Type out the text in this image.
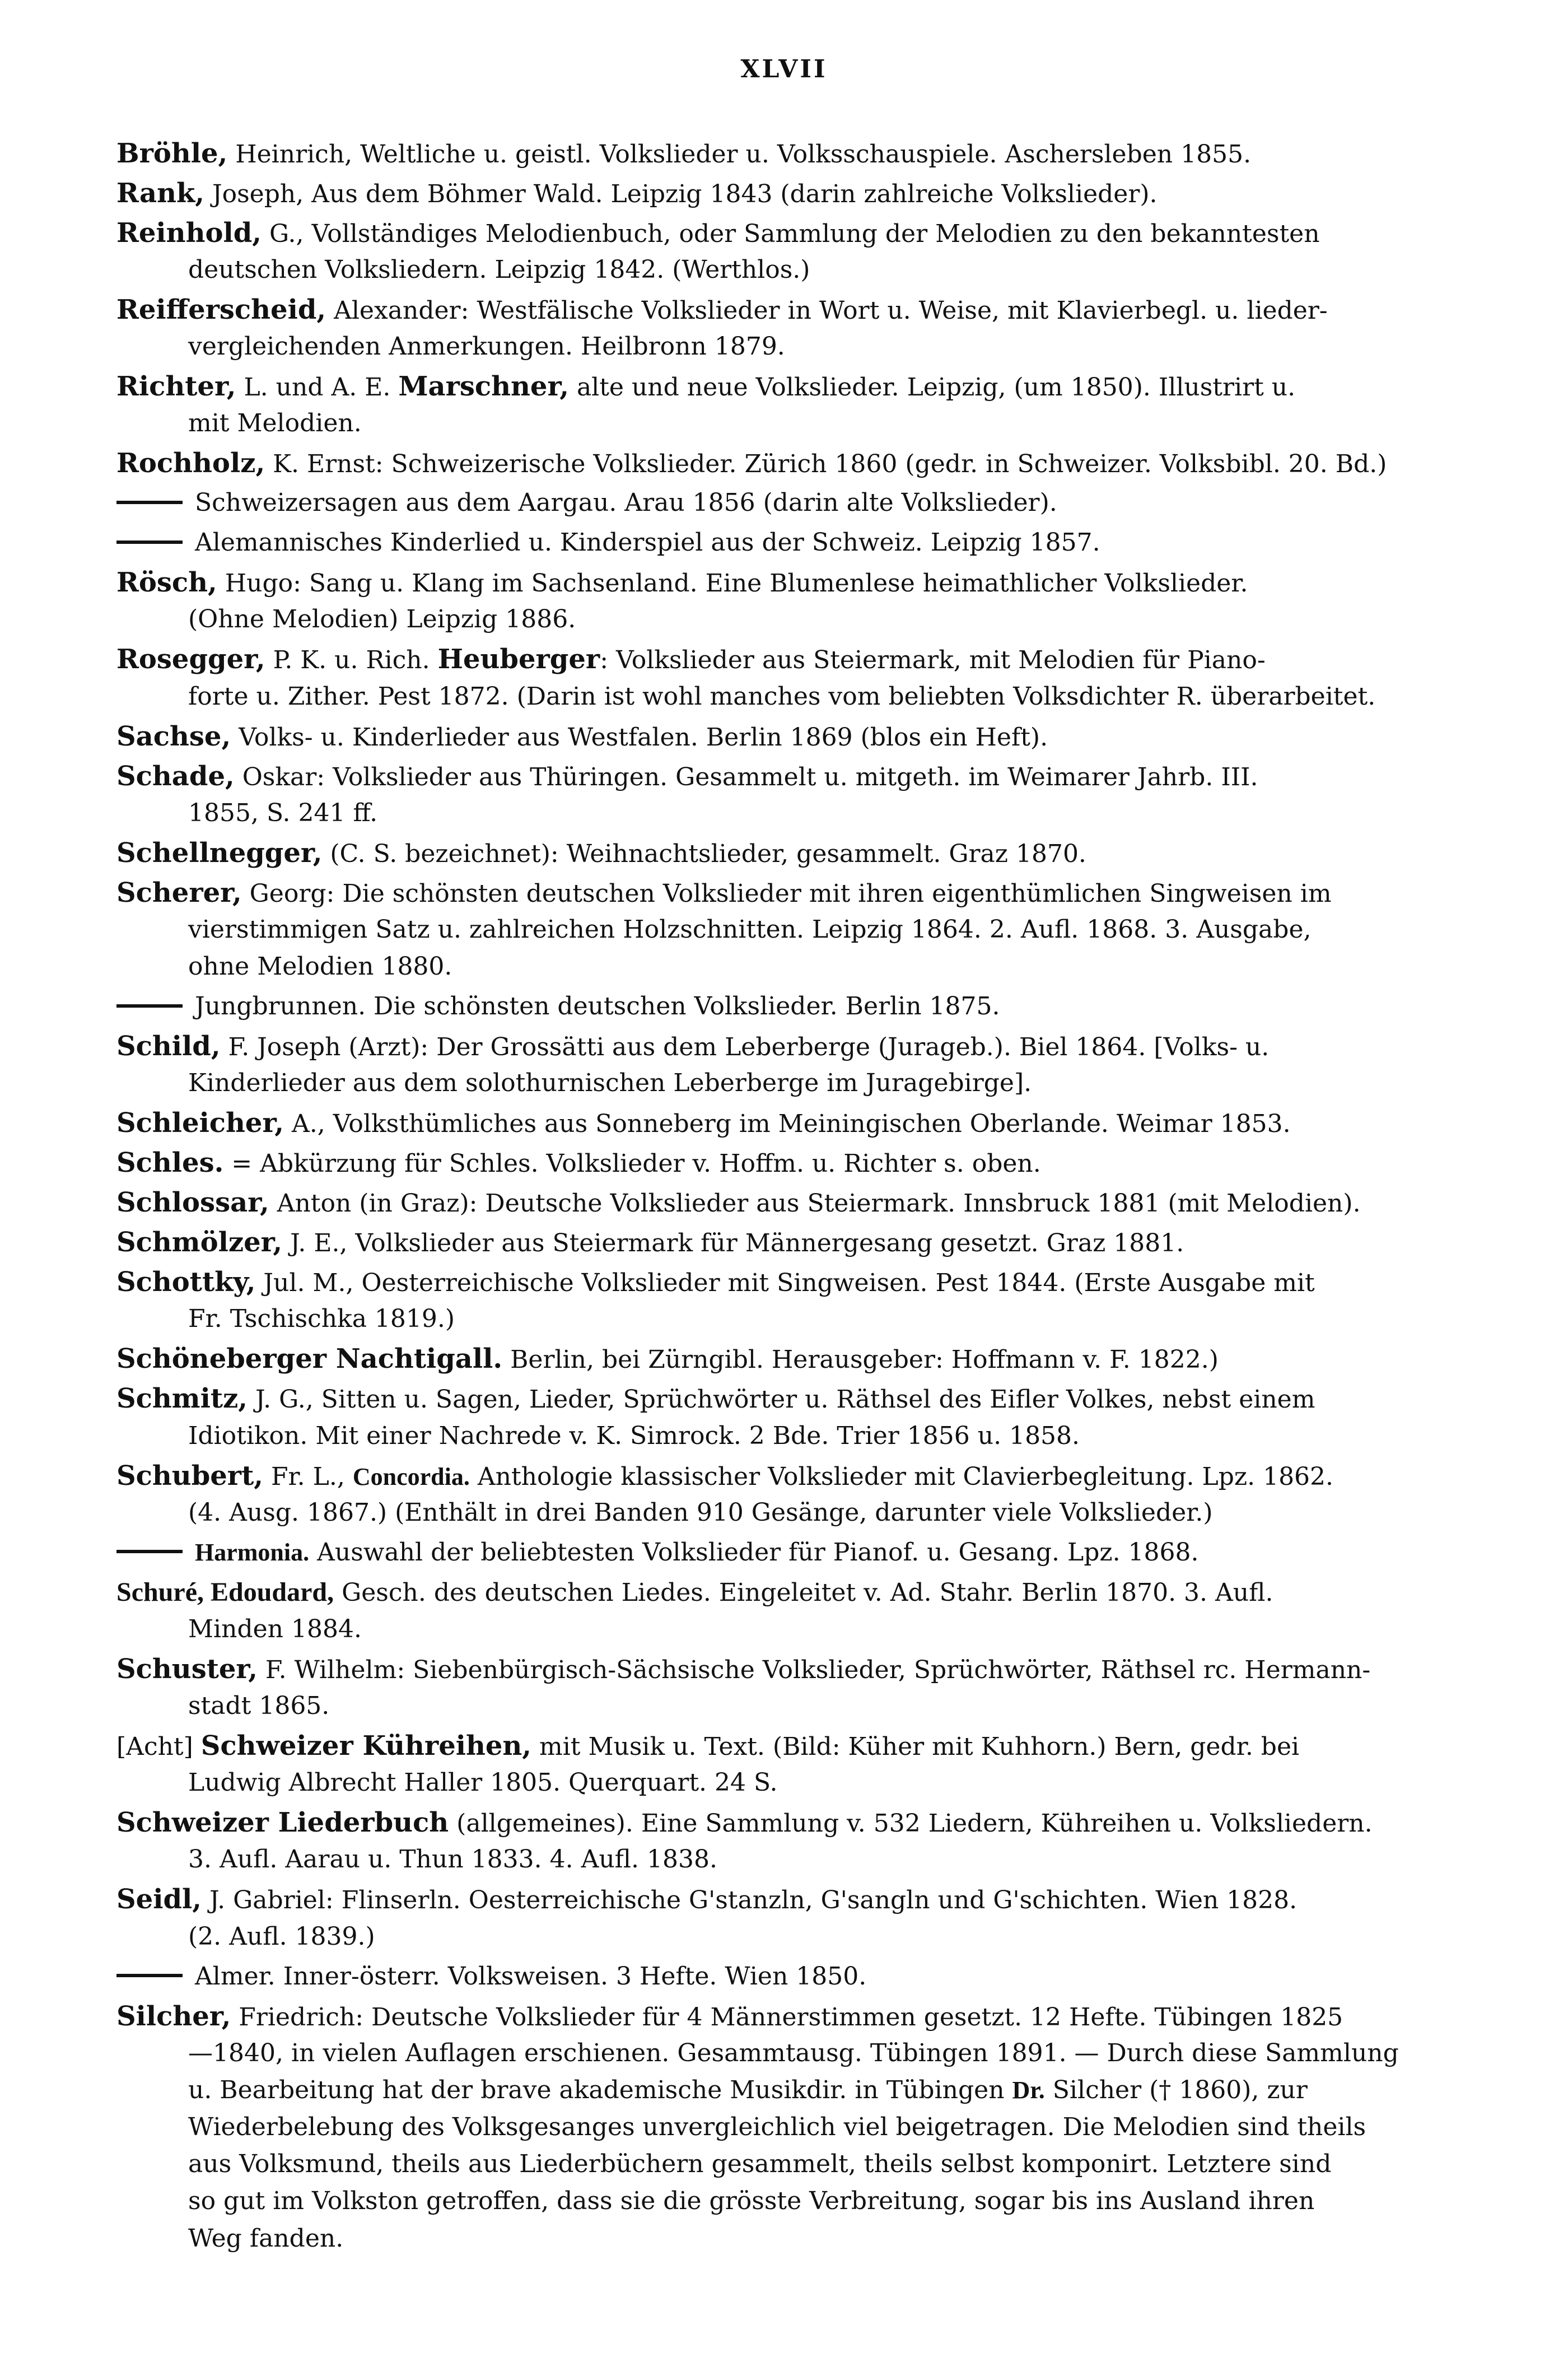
XLVII
Bröhle, Heinrich, Weltliche u. geistl. Volkslieder u. Volksschauspiele. Aschersleben 1855.
Rank, Joseph, Aus dem Böhmer Wald. Leipzig 1843 (darin zahlreiche Volkslieder).
Reinhold, G., Vollständiges Melodienbuch, oder Sammlung der Melodien zu den bekanntesten
deutschen Volksliedern. Leipzig 1842. (Werthlos.)
Reifferscheid, Alexander: Westfälische Volkslieder in Wort u. Weise, mit Klavierbegl. u. lieder-
vergleichenden Anmerkungen. Heilbronn 1879.
Richter, L. und A. E. Marschner, alte und neue Volkslieder. Leipzig, (um 1850). Illustrirt u.
mit Melodien.
Rochholz, K. Ernst: Schweizerische Volkslieder. Zürich 1860 (gedr. in Schweizer. Volksbibl. 20. Bd.)
Schweizersagen aus dem Aargau. Arau 1856 (darin alte Volkslieder).
Alemannisches Kinderlied u. Kinderspiel aus der Schweiz. Leipzig 1857.
Rösch, Hugo: Sang u. Klang im Sachsenland. Eine Blumenlese heimathlicher Volkslieder.
(Ohne Melodien) Leipzig 1886.
Rosegger, P. K. u. Rich. Heuberger: Volkslieder aus Steiermark, mit Melodien für Piano-
forte u. Zither. Pest 1872. (Darin ist wohl manches vom beliebten Volksdichter R. überarbeitet.
Sachse, Volks- u. Kinderlieder aus Westfalen. Berlin 1869 (blos ein Heft).
Schade, Oskar: Volkslieder aus Thüringen. Gesammelt u. mitgeth. im Weimarer Jahrb. III.
1855, S. 241 ff.
Schellnegger, (C. S. bezeichnet): Weihnachtslieder, gesammelt. Graz 1870.
Scherer, Georg: Die schönsten deutschen Volkslieder mit ihren eigenthümlichen Singweisen im
vierstimmigen Satz u. zahlreichen Holzschnitten. Leipzig 1864. 2. Aufl. 1868. 3. Ausgabe,
ohne Melodien 1880.
Jungbrunnen. Die schönsten deutschen Volkslieder. Berlin 1875.
Schild, F. Joseph (Arzt): Der Grossätti aus dem Leberberge (Juragеb.). Biel 1864. [Volks- u.
Kinderlieder aus dem solothurnischen Leberberge im Juragebirge].
Schleicher, A., Volksthümliches aus Sonneberg im Meiningischen Oberlande. Weimar 1853.
Schles. = Abkürzung für Schles. Volkslieder v. Hoffm. u. Richter s. oben.
Schlossar, Anton (in Graz): Deutsche Volkslieder aus Steiermark. Innsbruck 1881 (mit Melodien).
Schmölzer, J. E., Volkslieder aus Steiermark für Männergesang gesetzt. Graz 1881.
Schottky, Jul. M., Oesterreichische Volkslieder mit Singweisen. Pest 1844. (Erste Ausgabe mit
Fr. Tschischka 1819.)
Schöneberger Nachtigall. Berlin, bei Zürngibl. Herausgeber: Hoffmann v. F. 1822.)
Schmitz, J. G., Sitten u. Sagen, Lieder, Sprüchwörter u. Räthsel des Eifler Volkes, nebst einem
Idiotikon. Mit einer Nachrede v. K. Simrock. 2 Bde. Trier 1856 u. 1858.
Schubert, Fr. L., Concordia. Anthologie klassischer Volkslieder mit Clavierbegleitung. Lpz. 1862.
(4. Ausg. 1867.) (Enthält in drei Banden 910 Gesänge, darunter viele Volkslieder.)
Harmonia. Auswahl der beliebtesten Volkslieder für Pianof. u. Gesang. Lpz. 1868.
Schuré, Edoudard, Gesch. des deutschen Liedes. Eingeleitet v. Ad. Stahr. Berlin 1870. 3. Aufl.
Minden 1884.
Schuster, F. Wilhelm: Siebenbürgisch-Sächsische Volkslieder, Sprüchwörter, Räthsel rc. Hermann-
stadt 1865.
[Acht] Schweizer Kühreihen, mit Musik u. Text. (Bild: Küher mit Kuhhorn.) Bern, gedr. bei
Ludwig Albrecht Haller 1805. Querquart. 24 S.
Schweizer Liederbuch (allgemeines). Eine Sammlung v. 532 Liedern, Kühreihen u. Volksliedern.
3. Aufl. Aarau u. Thun 1833. 4. Aufl. 1838.
Seidl, J. Gabriel: Flinserln. Oesterreichische G'stanzln, G'sangln und G'schichten. Wien 1828.
(2. Aufl. 1839.)
Almer. Inner-österr. Volksweisen. 3 Hefte. Wien 1850.
Silcher, Friedrich: Deutsche Volkslieder für 4 Männerstimmen gesetzt. 12 Hefte. Tübingen 1825
—1840, in vielen Auflagen erschienen. Gesammtausg. Tübingen 1891. — Durch diese Sammlung
u. Bearbeitung hat der brave akademische Musikdir. in Tübingen Dr. Silcher († 1860), zur
Wiederbelebung des Volksgesanges unvergleichlich viel beigetragen. Die Melodien sind theils
aus Volksmund, theils aus Liederbüchern gesammelt, theils selbst komponirt. Letztere sind
so gut im Volkston getroffen, dass sie die grösste Verbreitung, sogar bis ins Ausland ihren
Weg fanden.
